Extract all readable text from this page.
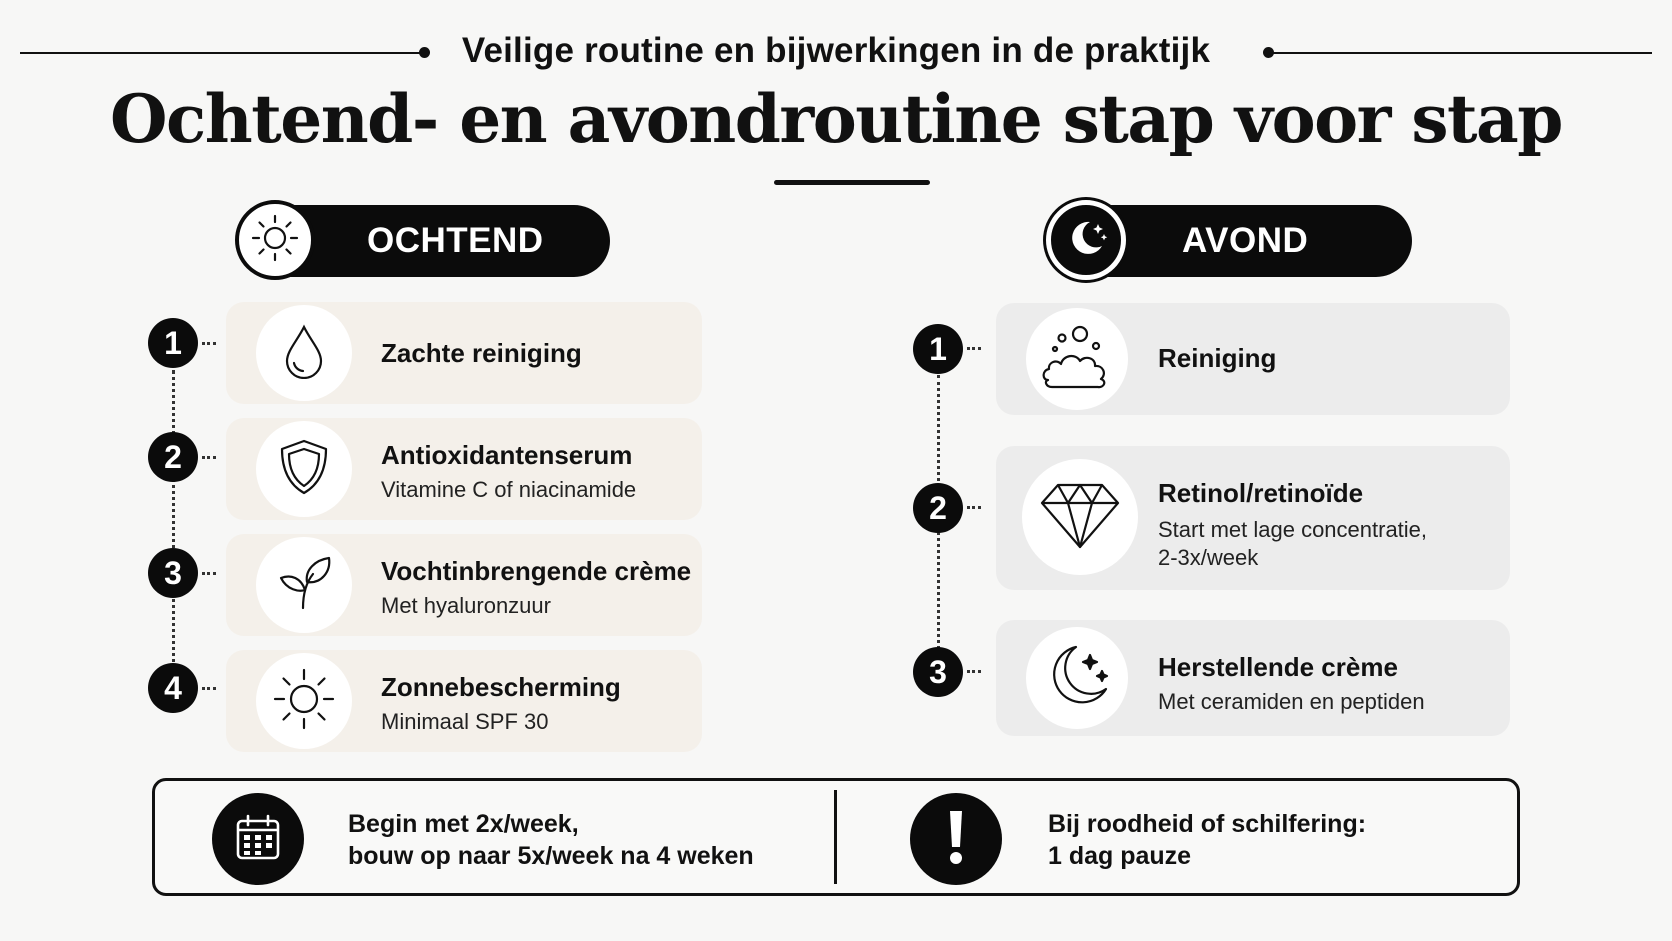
Veilige routine en bijwerkingen in de praktijk
Ochtend- en avondroutine stap voor stap
OCHTEND	AVOND
1	Zachte reiniging
2	Antioxidantenserum
Vitamine C of niacinamide
3	Vochtinbrengende crème
Met hyaluronzuur
4	Zonnebescherming
Minimaal SPF 30
1	Reiniging
2	Retinol/retinoïde
Start met lage concentratie,
2-3x/week
3	Herstellende crème
Met ceramiden en peptiden
Begin met 2x/week,
bouw op naar 5x/week na 4 weken
Bij roodheid of schilfering:
1 dag pauze
